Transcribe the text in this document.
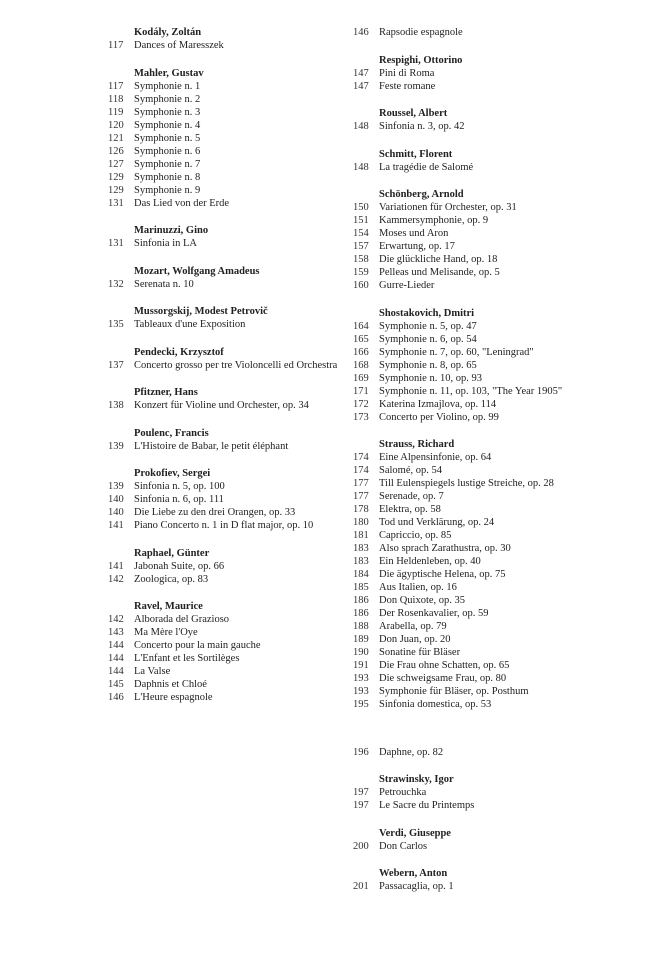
Kodály, Zoltán
117	Dances of Maresszek
Mahler, Gustav
117	Symphonie n. 1
118	Symphonie n. 2
119	Symphonie n. 3
120 Symphonie n. 4
121 Symphonie n. 5
126 Symphonie n. 6
127 Symphonie n. 7
129 Symphonie n. 8
129 Symphonie n. 9
131 Das Lied von der Erde
Marinuzzi, Gino
131 Sinfonia in LA
Mozart, Wolfgang Amadeus
132 Serenata n. 10
Mussorgskij, Modest Petrovič
135 Tableaux d'une Exposition
Pendecki, Krzysztof
137 Concerto grosso per tre Violoncelli ed Orchestra
Pfitzner, Hans
138 Konzert für Violine und Orchester, op. 34
Poulenc, Francis
139 L'Histoire de Babar, le petit éléphant
Prokofiev, Sergei
139 Sinfonia n. 5, op. 100
140 Sinfonia n. 6, op. 111
140 Die Liebe zu den drei Orangen, op. 33
141 Piano Concerto n. 1 in D flat major, op. 10
Raphael, Günter
141 Jabonah Suite, op. 66
142 Zoologica, op. 83
Ravel, Maurice
142 Alborada del Grazioso
143 Ma Mère l'Oye
144 Concerto pour la main gauche
144 L'Enfant et les Sortilèges
144 La Valse
145 Daphnis et Chloé
146 L'Heure espagnole
146 Rapsodie espagnole
Respighi, Ottorino
147 Pini di Roma
147 Feste romane
Roussel, Albert
148 Sinfonia n. 3, op. 42
Schmitt, Florent
148 La tragédie de Salomé
Schönberg, Arnold
150 Variationen für Orchester, op. 31
151 Kammersymphonie, op. 9
154 Moses und Aron
157 Erwartung, op. 17
158 Die glückliche Hand, op. 18
159 Pelleas und Melisande, op. 5
160 Gurre-Lieder
Shostakovich, Dmitri
164 Symphonie n. 5, op. 47
165 Symphonie n. 6, op. 54
166 Symphonie n. 7, op. 60, "Leningrad"
168 Symphonie n. 8, op. 65
169 Symphonie n. 10, op. 93
171 Symphonie n. 11, op. 103, "The Year 1905"
172 Katerina Izmajlova, op. 114
173 Concerto per Violino, op. 99
Strauss, Richard
174 Eine Alpensinfonie, op. 64
174 Salomé, op. 54
177 Till Eulenspiegels lustige Streiche, op. 28
177 Serenade, op. 7
178 Elektra, op. 58
180 Tod und Verklärung, op. 24
181 Capriccio, op. 85
183 Also sprach Zarathustra, op. 30
183 Ein Heldenleben, op. 40
184 Die ägyptische Helena, op. 75
185 Aus Italien, op. 16
186 Don Quixote, op. 35
186 Der Rosenkavalier, op. 59
188 Arabella, op. 79
189 Don Juan, op. 20
190 Sonatine für Bläser
191 Die Frau ohne Schatten, op. 65
193 Die schweigsame Frau, op. 80
193 Symphonie für Bläser, op. Posthum
195 Sinfonia domestica, op. 53
196 Daphne, op. 82
Strawinsky, Igor
197 Petrouchka
197 Le Sacre du Printemps
Verdi, Giuseppe
200 Don Carlos
Webern, Anton
201 Passacaglia, op. 1
